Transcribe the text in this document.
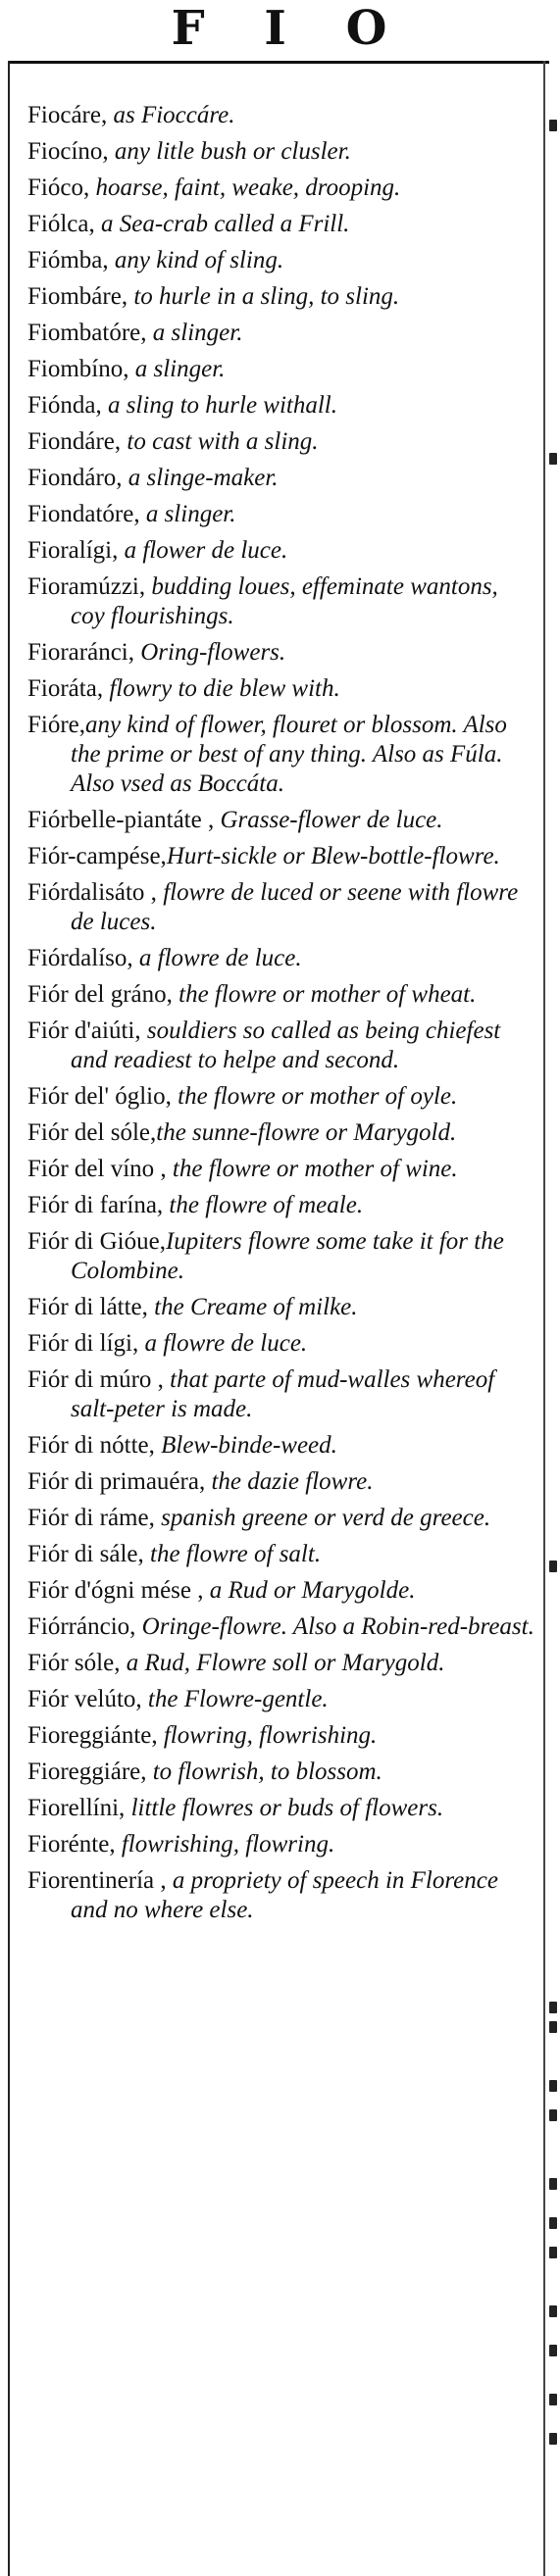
F I O
Fiocáre, as Fioccáre.
Fiocíno, any litle bush or clusler.
Fióco, hoarse, faint, weake, drooping.
Fiólca, a Sea-crab called a Frill.
Fiómba, any kind of sling.
Fiombáre, to hurle in a sling, to sling.
Fiombatóre, a slinger.
Fiombíno, a slinger.
Fiónda, a sling to hurle withall.
Fiondáre, to cast with a sling.
Fiondáro, a slinge-maker.
Fiondatóre, a slinger.
Fioralígi, a flower de luce.
Fioramúzzi, budding loues, effeminate wantons, coy flourishings.
Fiorаránci, Oring-flowers.
Fioráta, flowry to die blew with.
Fióre,any kind of flower, flouret or blossom. Also the prime or best of any thing. Also as Fúla. Also vsed as Boccáta.
Fiórbelle-piantáte , Grasse-flower de luce.
Fiór-campése,Hurt-sickle or Blew-bottle-flowre.
Fiórdalisáto , flowre de luced or seene with flowre de luces.
Fiórdalíso, a flowre de luce.
Fiór del gráno, the flowre or mother of wheat.
Fiór d'aiúti, souldiers so called as being chiefest and readiest to helpe and second.
Fiór del' óglio, the flowre or mother of oyle.
Fiór del sóle,the sunne-flowre or Marygold.
Fiór del víno , the flowre or mother of wine.
Fiór di farína, the flowre of meale.
Fiór di Gióue,Iupiters flowre some take it for the Colombine.
Fiór di látte, the Creame of milke.
Fiór di lígi, a flowre de luce.
Fiór di múro , that parte of mud-walles whereof salt-peter is made.
Fiór di nótte, Blew-binde-weed.
Fiór di primauéra, the dazie flowre.
Fiór di ráme, spanish greene or verd de greece.
Fiór di sále, the flowre of salt.
Fiór d'ógni mése , a Rud or Marygolde.
Fiórráncio, Oringe-flowre. Also a Robin-red-breast.
Fiór sóle, a Rud, Flowre soll or Marygold.
Fiór velúto, the Flowre-gentle.
Fioreggiánte, flowring, flowrishing.
Fioreggiáre, to flowrish, to blossom.
Fiorellíni, little flowres or buds of flowers.
Fiorénte, flowrishing, flowring.
Fiorentinería , a propriety of speech in Florence and no where else.
